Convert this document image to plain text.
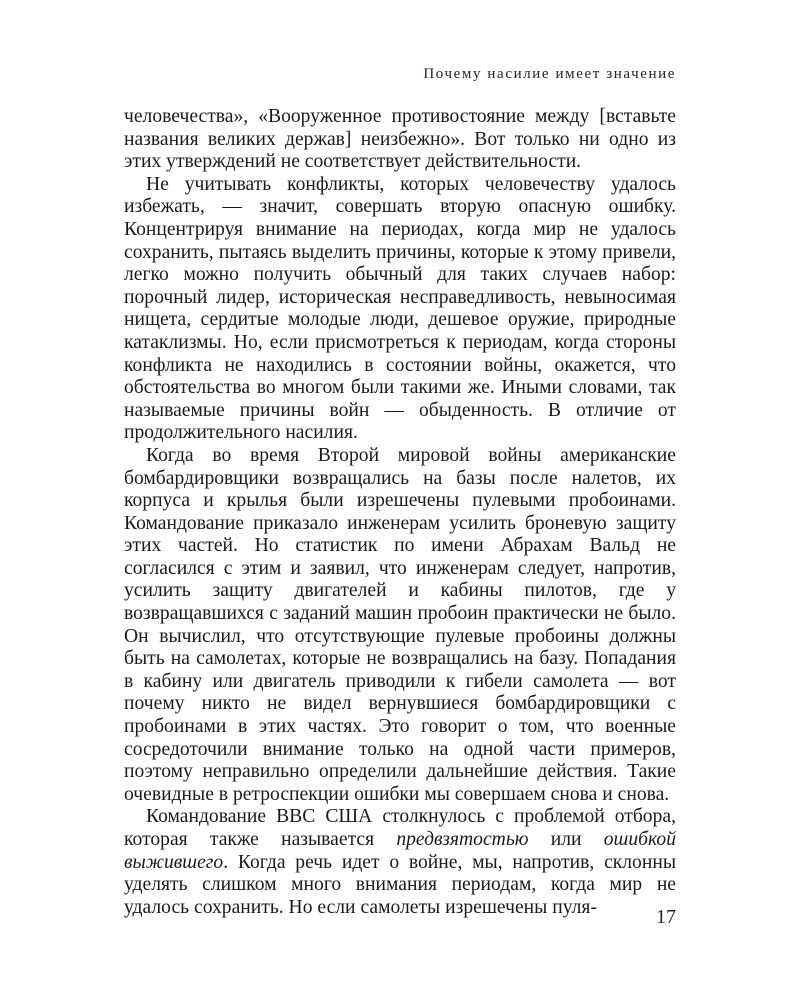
Почему насилие имеет значение

человечества», «Вооруженное противостояние между [вставьте названия великих держав] неизбежно». Вот только ни одно из этих утверждений не соответствует действительности.

Не учитывать конфликты, которых человечеству удалось избежать, — значит, совершать вторую опасную ошибку. Концентрируя внимание на периодах, когда мир не удалось сохранить, пытаясь выделить причины, которые к этому привели, легко можно получить обычный для таких случаев набор: порочный лидер, историческая несправедливость, невыносимая нищета, сердитые молодые люди, дешевое оружие, природные катаклизмы. Но, если присмотреться к периодам, когда стороны конфликта не находились в состоянии войны, окажется, что обстоятельства во многом были такими же. Иными словами, так называемые причины войн — обыденность. В отличие от продолжительного насилия.

Когда во время Второй мировой войны американские бомбардировщики возвращались на базы после налетов, их корпуса и крылья были изрешечены пулевыми пробоинами. Командование приказало инженерам усилить броневую защиту этих частей. Но статистик по имени Абрахам Вальд не согласился с этим и заявил, что инженерам следует, напротив, усилить защиту двигателей и кабины пилотов, где у возвращавшихся с заданий машин пробоин практически не было. Он вычислил, что отсутствующие пулевые пробоины должны быть на самолетах, которые не возвращались на базу. Попадания в кабину или двигатель приводили к гибели самолета — вот почему никто не видел вернувшиеся бомбардировщики с пробоинами в этих частях. Это говорит о том, что военные сосредоточили внимание только на одной части примеров, поэтому неправильно определили дальнейшие действия. Такие очевидные в ретроспекции ошибки мы совершаем снова и снова.

Командование ВВС США столкнулось с проблемой отбора, которая также называется предвзятостью или ошибкой выжившего. Когда речь идет о войне, мы, напротив, склонны уделять слишком много внимания периодам, когда мир не удалось сохранить. Но если самолеты изрешечены пуля-	17
